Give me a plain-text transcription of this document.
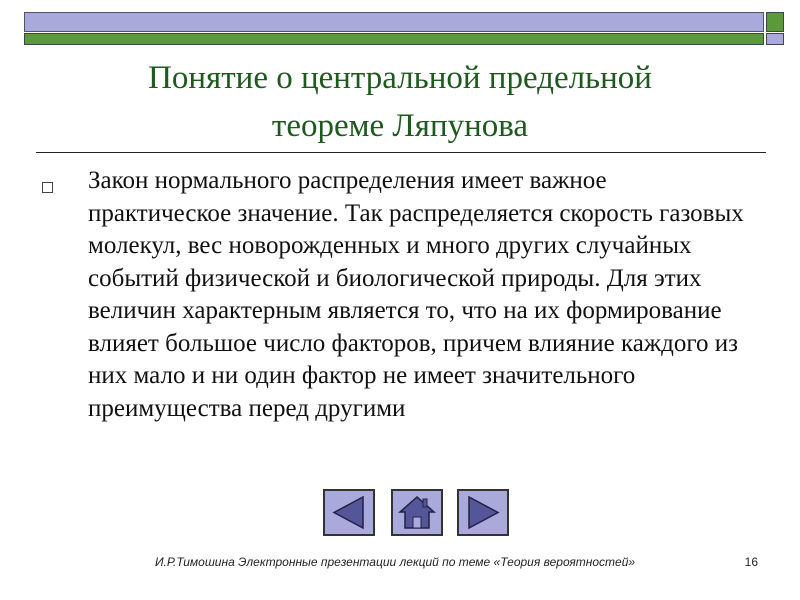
Понятие о центральной предельной
теореме Ляпунова
Закон нормального распределения имеет важное практическое значение. Так распределяется скорость газовых молекул, вес новорожденных и много других случайных событий физической и биологической природы. Для этих величин характерным является то, что на их формирование влияет большое число факторов, причем влияние каждого из них мало и ни один фактор не имеет значительного преимущества перед другими
И.Р.Тимошина Электронные презентации лекций по теме «Теория вероятностей»	16
